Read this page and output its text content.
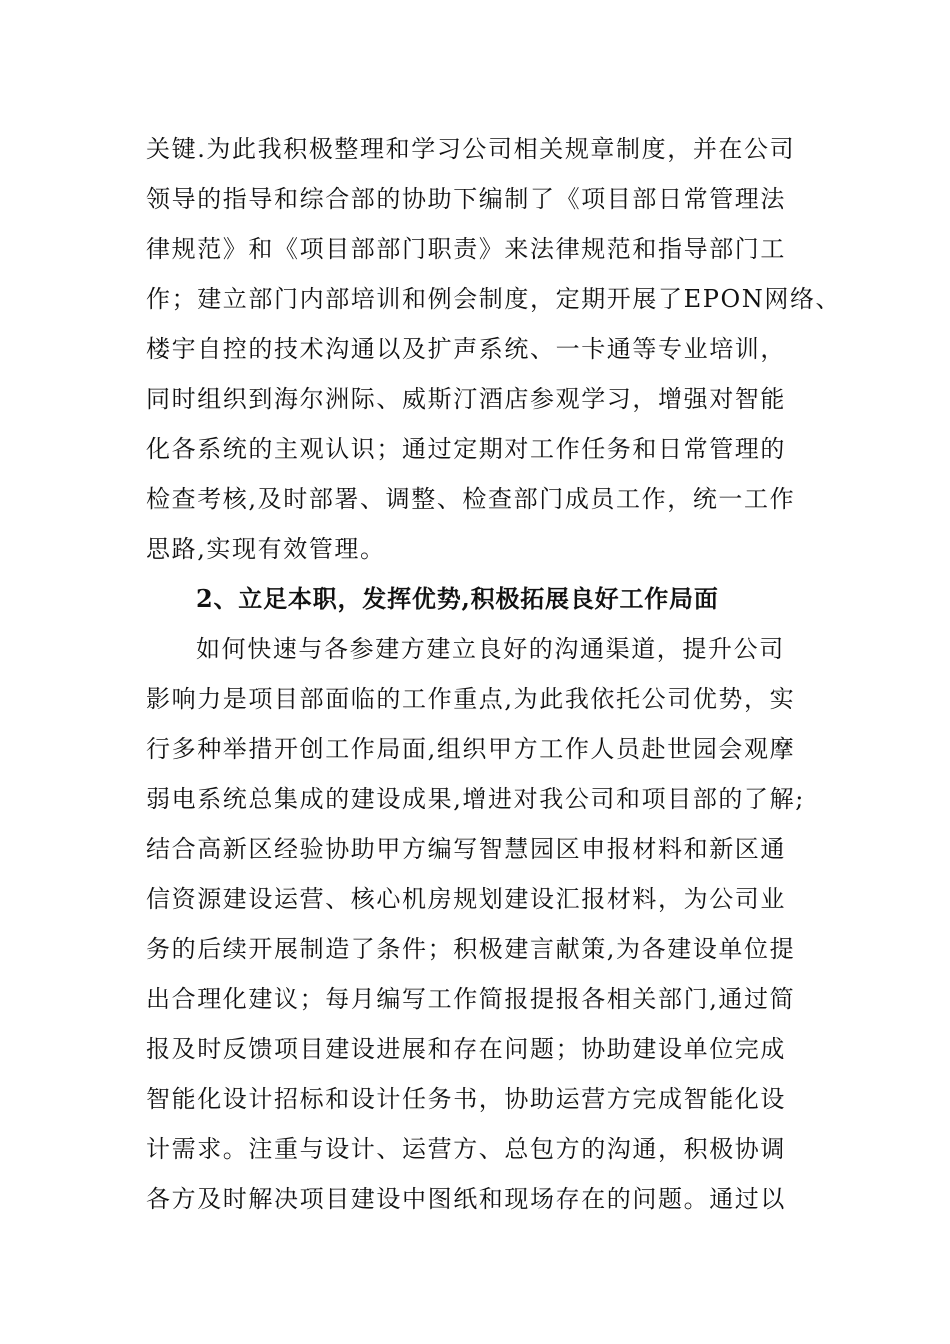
关键.为此我积极整理和学习公司相关规章制度，并在公司
领导的指导和综合部的协助下编制了《项目部日常管理法
律规范》和《项目部部门职责》来法律规范和指导部门工
作；建立部门内部培训和例会制度，定期开展了EPON网络、
楼宇自控的技术沟通以及扩声系统、一卡通等专业培训，
同时组织到海尔洲际、威斯汀酒店参观学习，增强对智能
化各系统的主观认识；通过定期对工作任务和日常管理的
检查考核,及时部署、调整、检查部门成员工作，统一工作
思路,实现有效管理。
2、立足本职，发挥优势,积极拓展良好工作局面
如何快速与各参建方建立良好的沟通渠道，提升公司
影响力是项目部面临的工作重点,为此我依托公司优势，实
行多种举措开创工作局面,组织甲方工作人员赴世园会观摩
弱电系统总集成的建设成果,增进对我公司和项目部的了解;
结合高新区经验协助甲方编写智慧园区申报材料和新区通
信资源建设运营、核心机房规划建设汇报材料，为公司业
务的后续开展制造了条件；积极建言献策,为各建设单位提
出合理化建议；每月编写工作简报提报各相关部门,通过简
报及时反馈项目建设进展和存在问题；协助建设单位完成
智能化设计招标和设计任务书，协助运营方完成智能化设
计需求。注重与设计、运营方、总包方的沟通，积极协调
各方及时解决项目建设中图纸和现场存在的问题。通过以
